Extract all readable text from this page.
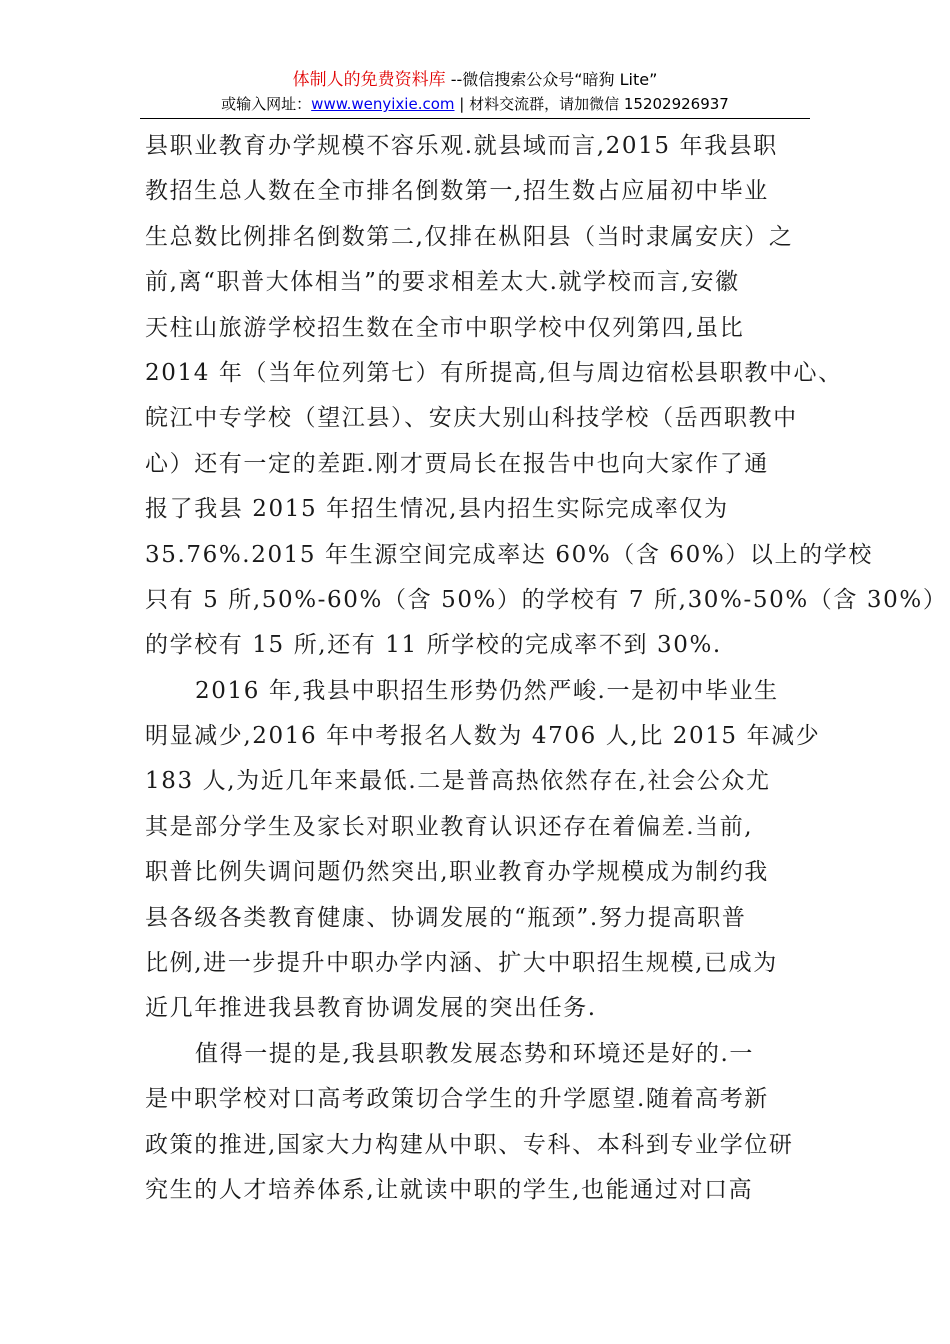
体制人的免费资料库 --微信搜索公众号“暗狗 Lite”
或输入网址：www.wenyixie.com | 材料交流群，请加微信 15202926937
县职业教育办学规模不容乐观.就县域而言,2015 年我县职
教招生总人数在全市排名倒数第一,招生数占应届初中毕业
生总数比例排名倒数第二,仅排在枞阳县（当时隶属安庆）之
前,离“职普大体相当”的要求相差太大.就学校而言,安徽
天柱山旅游学校招生数在全市中职学校中仅列第四,虽比
2014 年（当年位列第七）有所提高,但与周边宿松县职教中心、
皖江中专学校（望江县）、安庆大别山科技学校（岳西职教中
心）还有一定的差距.刚才贾局长在报告中也向大家作了通
报了我县 2015 年招生情况,县内招生实际完成率仅为
35.76%.2015 年生源空间完成率达 60%（含 60%）以上的学校
只有 5 所,50%-60%（含 50%）的学校有 7 所,30%-50%（含 30%）
的学校有 15 所,还有 11 所学校的完成率不到 30%.
2016 年,我县中职招生形势仍然严峻.一是初中毕业生
明显减少,2016 年中考报名人数为 4706 人,比 2015 年减少
183 人,为近几年来最低.二是普高热依然存在,社会公众尤
其是部分学生及家长对职业教育认识还存在着偏差.当前,
职普比例失调问题仍然突出,职业教育办学规模成为制约我
县各级各类教育健康、协调发展的“瓶颈”.努力提高职普
比例,进一步提升中职办学内涵、扩大中职招生规模,已成为
近几年推进我县教育协调发展的突出任务.
值得一提的是,我县职教发展态势和环境还是好的.一
是中职学校对口高考政策切合学生的升学愿望.随着高考新
政策的推进,国家大力构建从中职、专科、本科到专业学位研
究生的人才培养体系,让就读中职的学生,也能通过对口高
